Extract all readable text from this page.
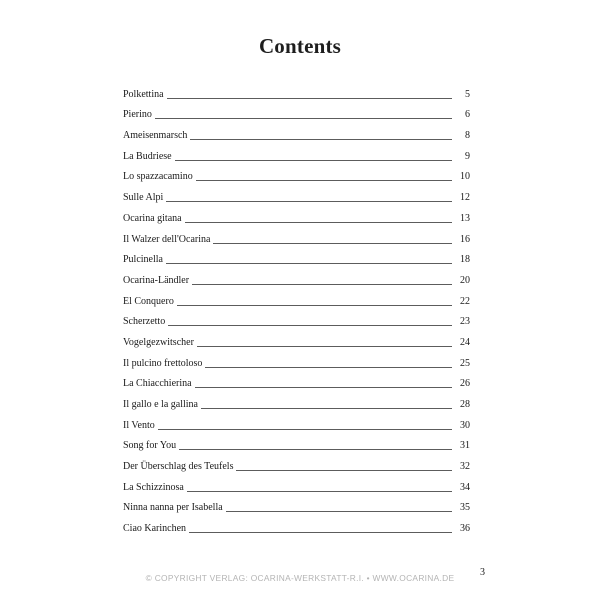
Contents
Polkettina	5
Pierino	6
Ameisenmarsch	8
La Budriese	9
Lo spazzacamino	10
Sulle Alpi	12
Ocarina gitana	13
Il Walzer dell'Ocarina	16
Pulcinella	18
Ocarina-Ländler	20
El Conquero	22
Scherzetto	23
Vogelgezwitscher	24
Il pulcino frettoloso	25
La Chiacchierina	26
Il gallo e la gallina	28
Il Vento	30
Song for You	31
Der Überschlag des Teufels	32
La Schizzinosa	34
Ninna nanna per Isabella	35
Ciao Karinchen	36
© COPYRIGHT VERLAG: OCARINA-WERKSTATT-R.I. • WWW.OCARINA.DE	3
